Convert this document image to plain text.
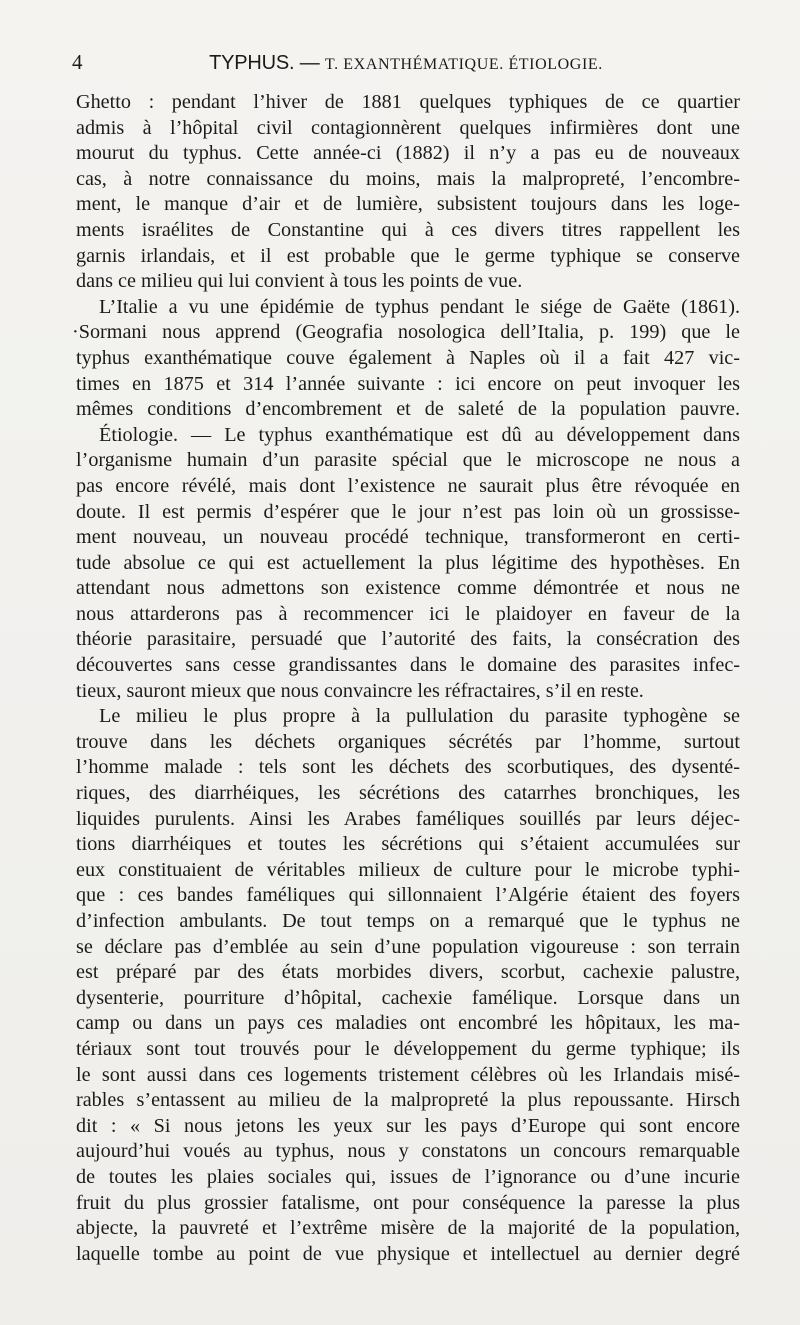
4	TYPHUS. — T. EXANTHÉMATIQUE. ÉTIOLOGIE.
Ghetto : pendant l’hiver de 1881 quelques typhiques de ce quartier
admis à l’hôpital civil contagionnèrent quelques infirmières dont une
mourut du typhus. Cette année-ci (1882) il n’y a pas eu de nouveaux
cas, à notre connaissance du moins, mais la malpropreté, l’encombre-
ment, le manque d’air et de lumière, subsistent toujours dans les loge-
ments israélites de Constantine qui à ces divers titres rappellent les
garnis irlandais, et il est probable que le germe typhique se conserve
dans ce milieu qui lui convient à tous les points de vue.
L’Italie a vu une épidémie de typhus pendant le siége de Gaëte (1861).
·Sormani nous apprend (Geografia nosologica dell’Italia, p. 199) que le
typhus exanthématique couve également à Naples où il a fait 427 vic-
times en 1875 et 314 l’année suivante : ici encore on peut invoquer les
mêmes conditions d’encombrement et de saleté de la population pauvre.
Étiologie. — Le typhus exanthématique est dû au développement dans
l’organisme humain d’un parasite spécial que le microscope ne nous a
pas encore révélé, mais dont l’existence ne saurait plus être révoquée en
doute. Il est permis d’espérer que le jour n’est pas loin où un grossisse-
ment nouveau, un nouveau procédé technique, transformeront en certi-
tude absolue ce qui est actuellement la plus légitime des hypothèses. En
attendant nous admettons son existence comme démontrée et nous ne
nous attarderons pas à recommencer ici le plaidoyer en faveur de la
théorie parasitaire, persuadé que l’autorité des faits, la consécration des
découvertes sans cesse grandissantes dans le domaine des parasites infec-
tieux, sauront mieux que nous convaincre les réfractaires, s’il en reste.
Le milieu le plus propre à la pullulation du parasite typhogène se
trouve dans les déchets organiques sécrétés par l’homme, surtout
l’homme malade : tels sont les déchets des scorbutiques, des dysenté-
riques, des diarrhéiques, les sécrétions des catarrhes bronchiques, les
liquides purulents. Ainsi les Arabes faméliques souillés par leurs déjec-
tions diarrhéiques et toutes les sécrétions qui s’étaient accumulées sur
eux constituaient de véritables milieux de culture pour le microbe typhi-
que : ces bandes faméliques qui sillonnaient l’Algérie étaient des foyers
d’infection ambulants. De tout temps on a remarqué que le typhus ne
se déclare pas d’emblée au sein d’une population vigoureuse : son terrain
est préparé par des états morbides divers, scorbut, cachexie palustre,
dysenterie, pourriture d’hôpital, cachexie famélique. Lorsque dans un
camp ou dans un pays ces maladies ont encombré les hôpitaux, les ma-
tériaux sont tout trouvés pour le développement du germe typhique; ils
le sont aussi dans ces logements tristement célèbres où les Irlandais misé-
rables s’entassent au milieu de la malpropreté la plus repoussante. Hirsch
dit : « Si nous jetons les yeux sur les pays d’Europe qui sont encore
aujourd’hui voués au typhus, nous y constatons un concours remarquable
de toutes les plaies sociales qui, issues de l’ignorance ou d’une incurie
fruit du plus grossier fatalisme, ont pour conséquence la paresse la plus
abjecte, la pauvreté et l’extrême misère de la majorité de la population,
laquelle tombe au point de vue physique et intellectuel au dernier degré
